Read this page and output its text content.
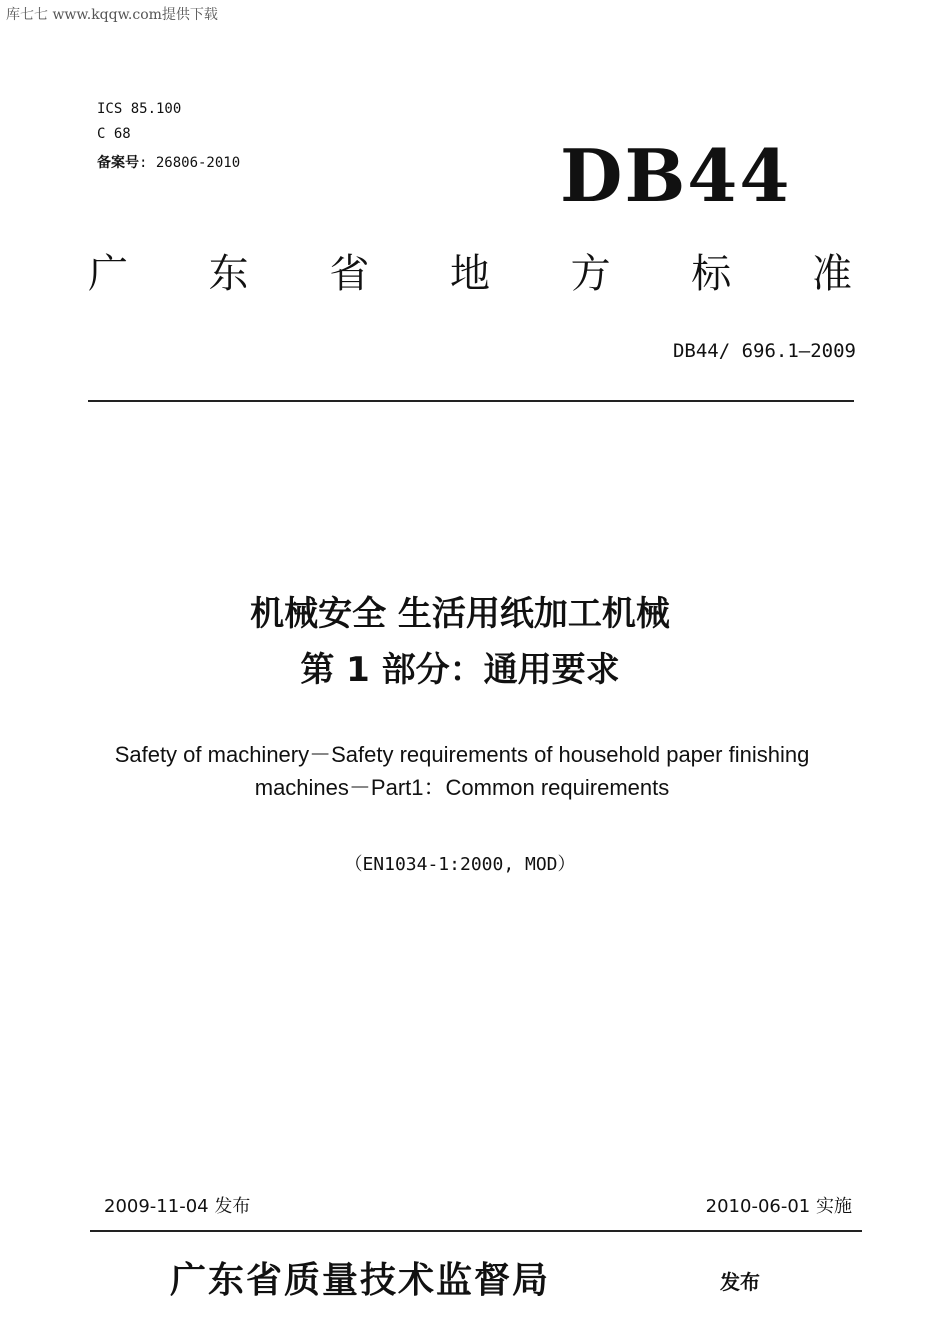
库七七 www.kqqw.com提供下载
ICS 85.100
C 68
备案号: 26806-2010	DB44
广 东 省 地 方 标 准
DB44/ 696.1—2009
机械安全 生活用纸加工机械
第 1 部分：通用要求
Safety of machinery－Safety requirements of household paper finishing
machines－Part1：Common requirements
（EN1034-1:2000, MOD）
2009-11-04 发布	2010-06-01 实施
广东省质量技术监督局	发布
